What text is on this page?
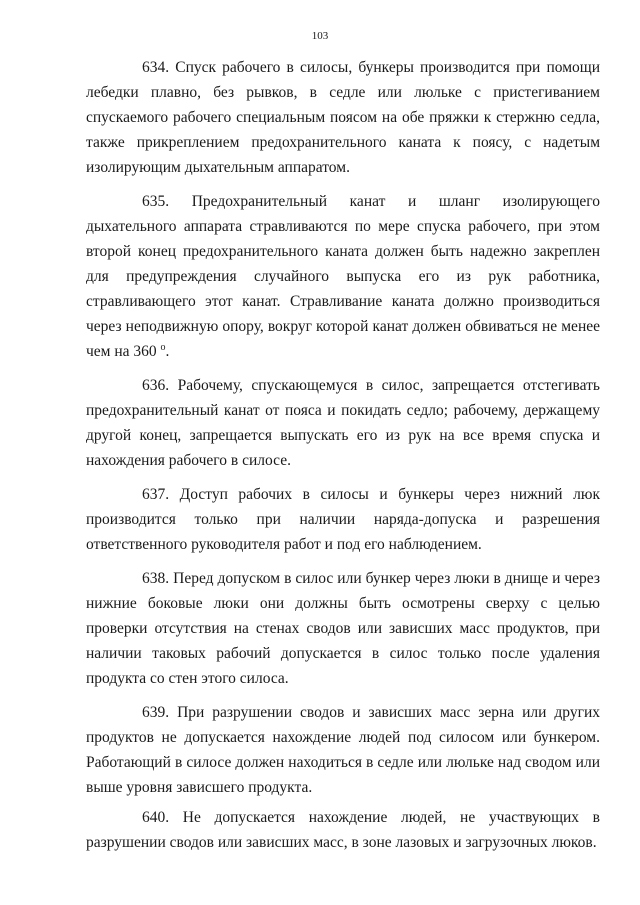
103

634. Спуск рабочего в силосы, бункеры производится при помощи лебедки плавно, без рывков, в седле или люльке с пристегиванием спускаемого рабочего специальным поясом на обе пряжки к стержню седла, также прикреплением предохранительного каната к поясу, с надетым изолирующим дыхательным аппаратом.

635. Предохранительный канат и шланг изолирующего дыхательного аппарата стравливаются по мере спуска рабочего, при этом второй конец предохранительного каната должен быть надежно закреплен для предупреждения случайного выпуска его из рук работника, стравливающего этот канат. Стравливание каната должно производиться через неподвижную опору, вокруг которой канат должен обвиваться не менее чем на 360 $^о$.

636. Рабочему, спускающемуся в силос, запрещается отстегивать предохранительный канат от пояса и покидать седло; рабочему, держащему другой конец, запрещается выпускать его из рук на все время спуска и нахождения рабочего в силосе.

637. Доступ рабочих в силосы и бункеры через нижний люк производится только при наличии наряда-допуска и разрешения ответственного руководителя работ и под его наблюдением.

638. Перед допуском в силос или бункер через люки в днище и через нижние боковые люки они должны быть осмотрены сверху с целью проверки отсутствия на стенах сводов или зависших масс продуктов, при наличии таковых рабочий допускается в силос только после удаления продукта со стен этого силоса.

639. При разрушении сводов и зависших масс зерна или других продуктов не допускается нахождение людей под силосом или бункером. Работающий в силосе должен находиться в седле или люльке над сводом или выше уровня зависшего продукта.

640. Не допускается нахождение людей, не участвующих в разрушении сводов или зависших масс, в зоне лазовых и загрузочных люков.
